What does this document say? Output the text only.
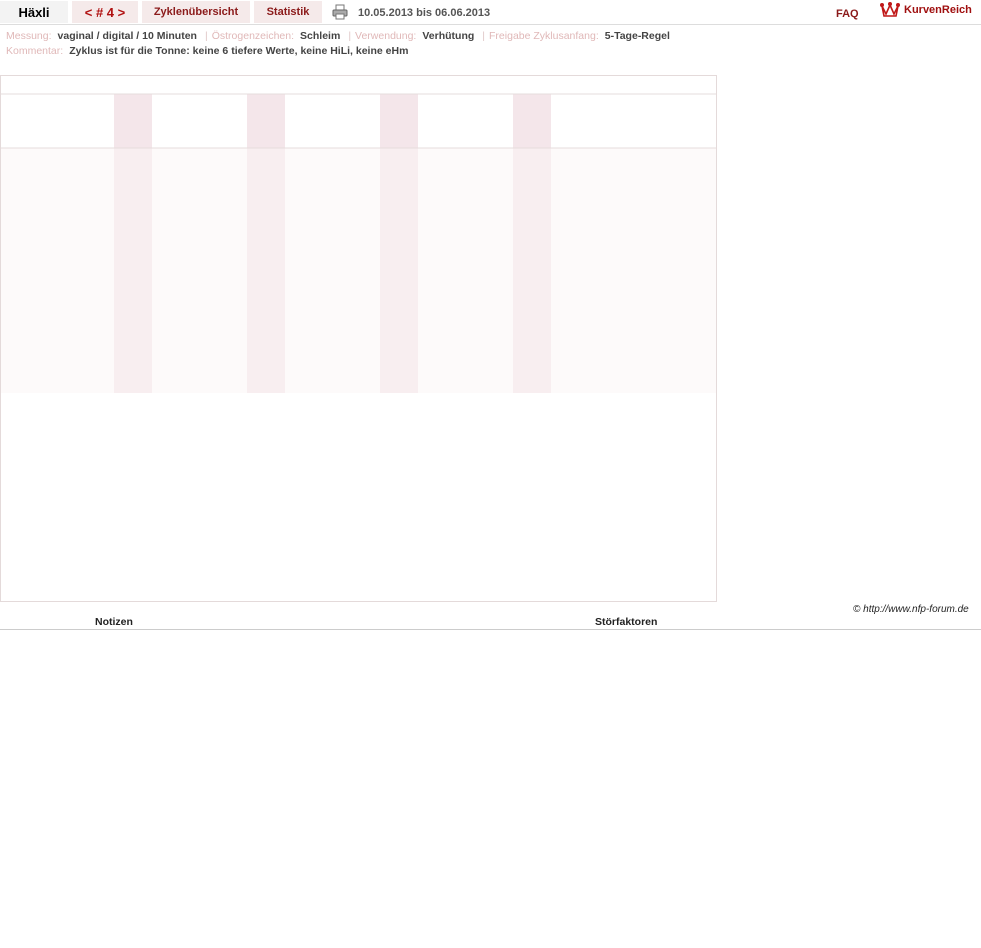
Häxli	< # 4 >	Zyklenübersicht	Statistik	10.05.2013 bis 06.06.2013	FAQ	KurvenReich
Messung: vaginal / digital / 10 Minuten | Östrogenzeichen: Schleim | Verwendung: Verhütung | Freigabe Zyklusanfang: 5-Tage-Regel
Kommentar: Zyklus ist für die Tonne: keine 6 tiefere Werte, keine HiLi, keine eHm
© http://www.nfp-forum.de
Notizen	Störfaktoren
